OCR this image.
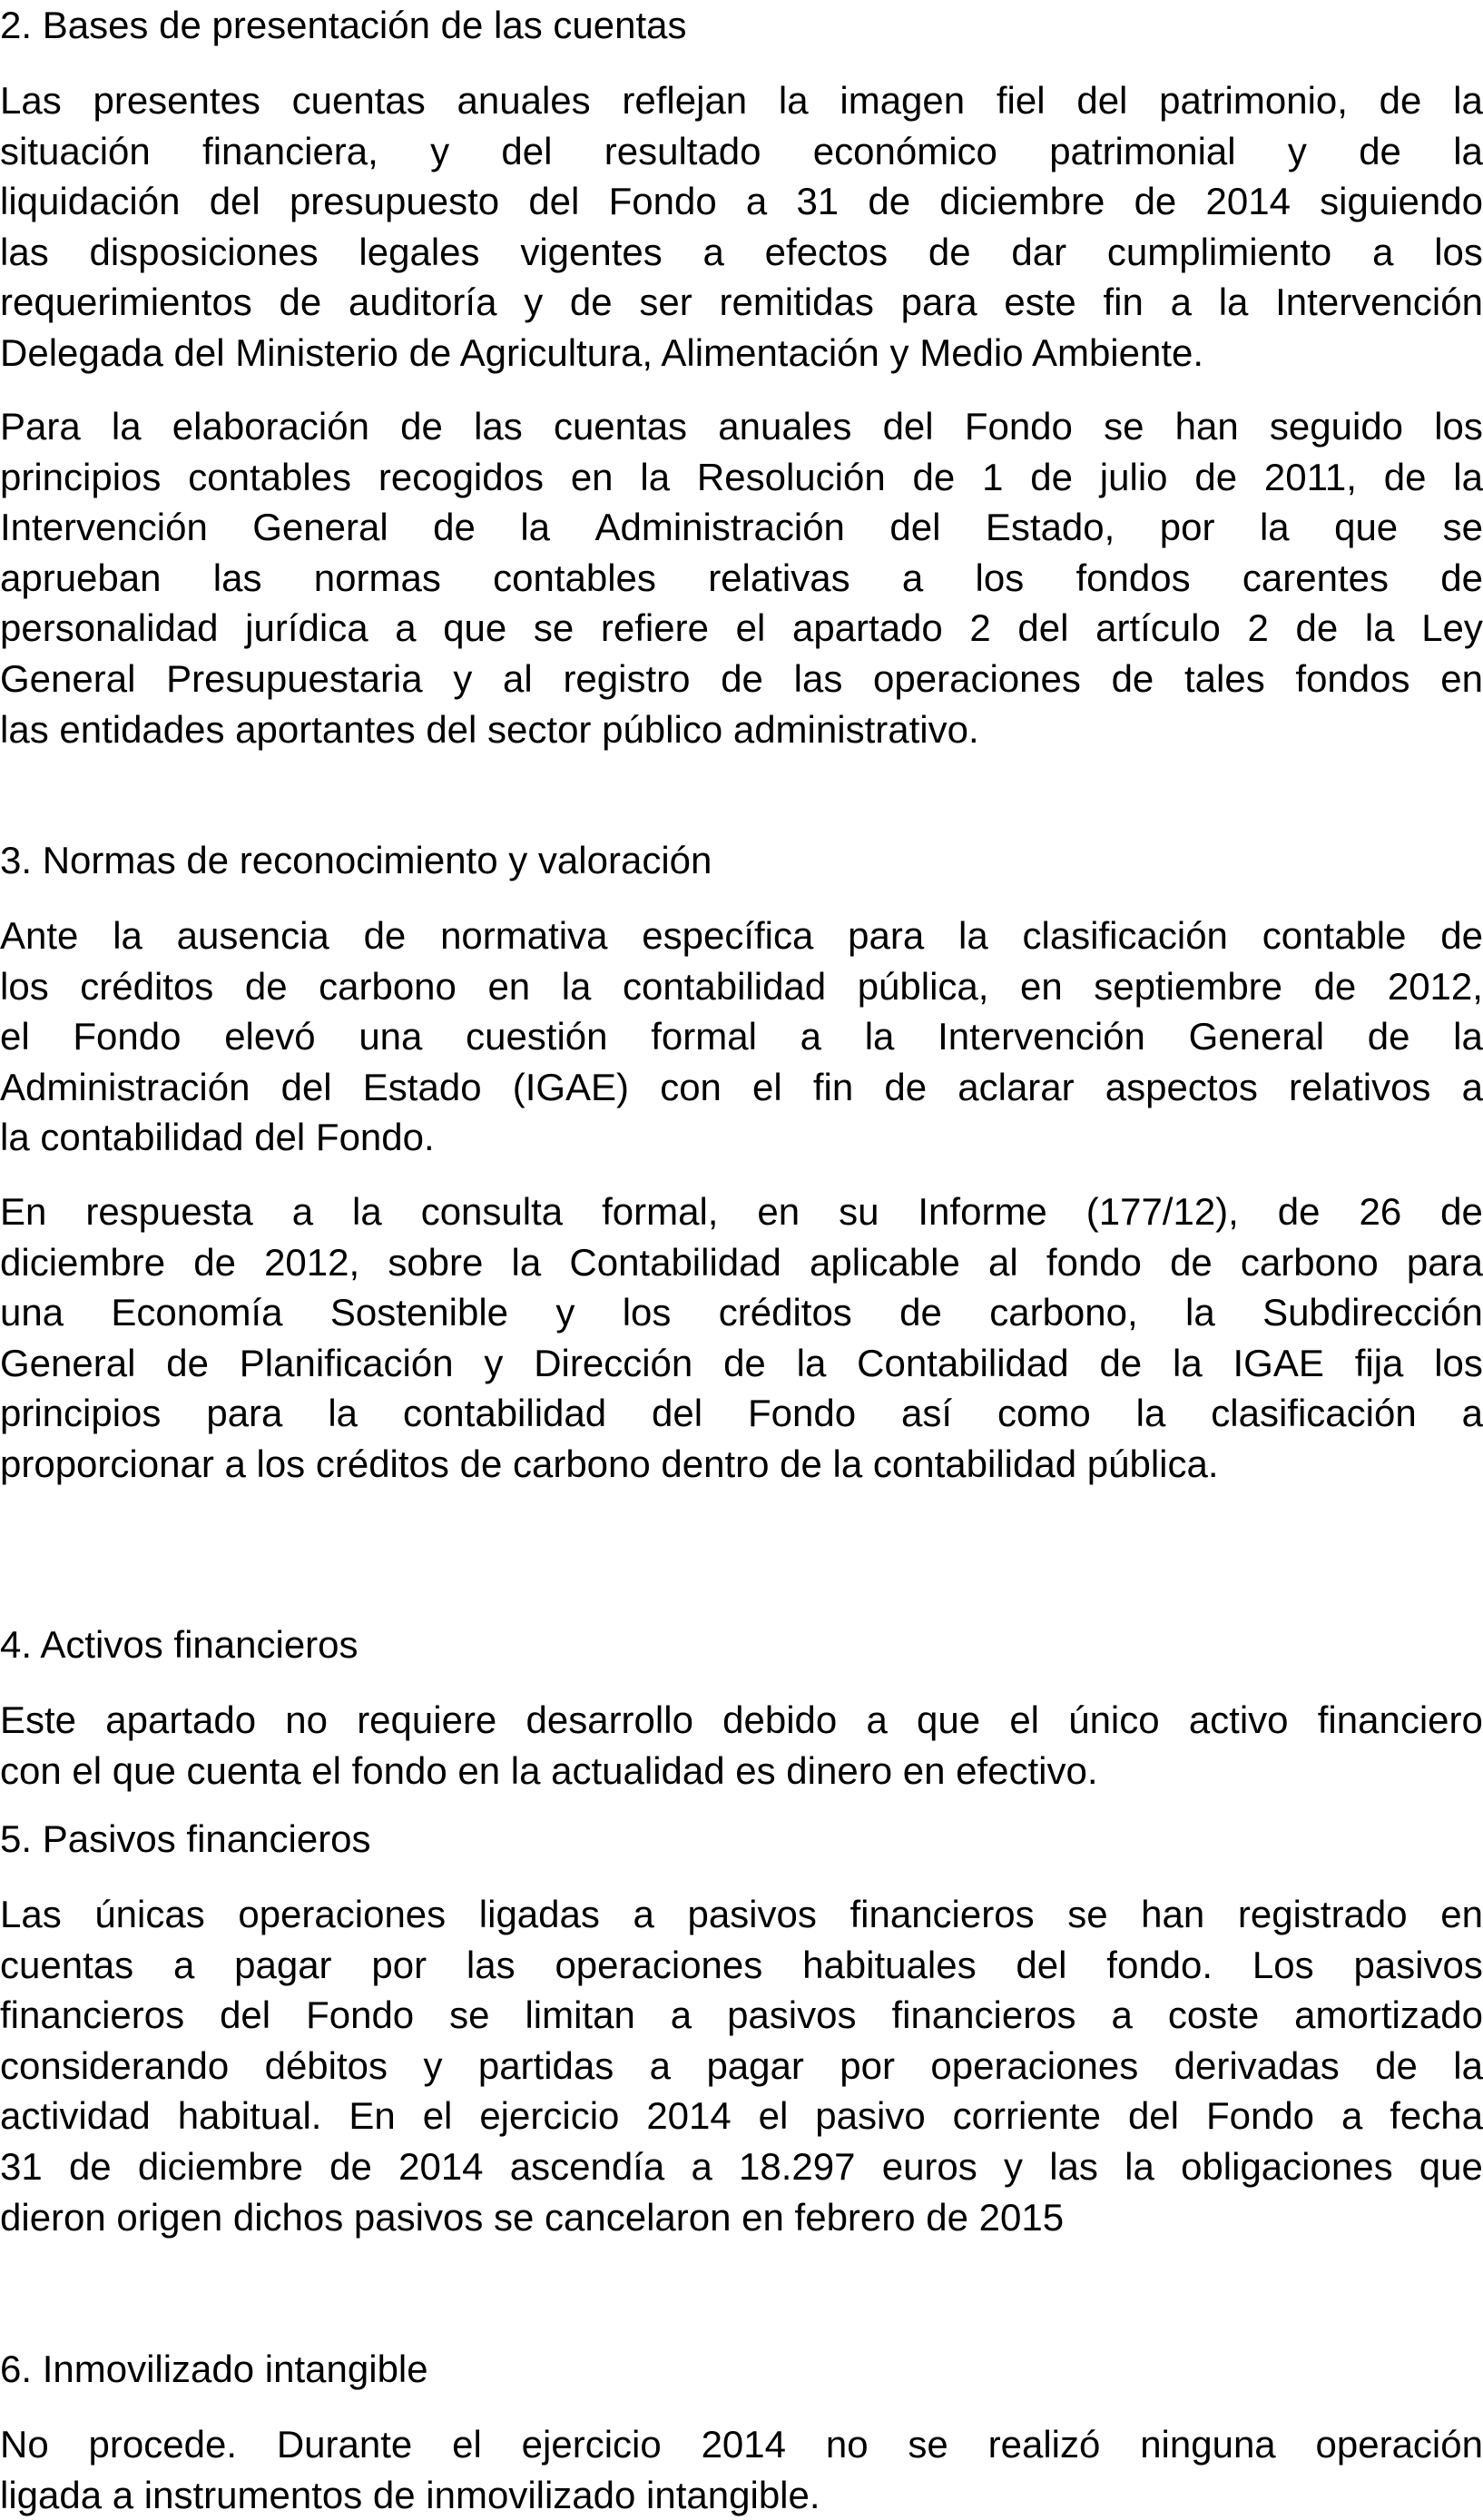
2. Bases de presentación de las cuentas
Las presentes cuentas anuales reflejan la imagen fiel del patrimonio, de la
situación financiera, y del resultado económico patrimonial y de la
liquidación del presupuesto del Fondo a 31 de diciembre de 2014 siguiendo
las disposiciones legales vigentes a efectos de dar cumplimiento a los
requerimientos de auditoría y de ser remitidas para este fin a la Intervención
Delegada del Ministerio de Agricultura, Alimentación y Medio Ambiente.
Para la elaboración de las cuentas anuales del Fondo se han seguido los
principios contables recogidos en la Resolución de 1 de julio de 2011, de la
Intervención General de la Administración del Estado, por la que se
aprueban las normas contables relativas a los fondos carentes de
personalidad jurídica a que se refiere el apartado 2 del artículo 2 de la Ley
General Presupuestaria y al registro de las operaciones de tales fondos en
las entidades aportantes del sector público administrativo.
3. Normas de reconocimiento y valoración
Ante la ausencia de normativa específica para la clasificación contable de
los créditos de carbono en la contabilidad pública, en septiembre de 2012,
el Fondo elevó una cuestión formal a la Intervención General de la
Administración del Estado (IGAE) con el fin de aclarar aspectos relativos a
la contabilidad del Fondo.
En respuesta a la consulta formal, en su Informe (177/12), de 26 de
diciembre de 2012, sobre la Contabilidad aplicable al fondo de carbono para
una Economía Sostenible y los créditos de carbono, la Subdirección
General de Planificación y Dirección de la Contabilidad de la IGAE fija los
principios para la contabilidad del Fondo así como la clasificación a
proporcionar a los créditos de carbono dentro de la contabilidad pública.
4. Activos financieros
Este apartado no requiere desarrollo debido a que el único activo financiero
con el que cuenta el fondo en la actualidad es dinero en efectivo.
5. Pasivos financieros
Las únicas operaciones ligadas a pasivos financieros se han registrado en
cuentas a pagar por las operaciones habituales del fondo. Los pasivos
financieros del Fondo se limitan a pasivos financieros a coste amortizado
considerando débitos y partidas a pagar por operaciones derivadas de la
actividad habitual. En el ejercicio 2014 el pasivo corriente del Fondo a fecha
31 de diciembre de 2014 ascendía a 18.297 euros y las la obligaciones que
dieron origen dichos pasivos se cancelaron en febrero de 2015
6. Inmovilizado intangible
No procede. Durante el ejercicio 2014 no se realizó ninguna operación
ligada a instrumentos de inmovilizado intangible.
